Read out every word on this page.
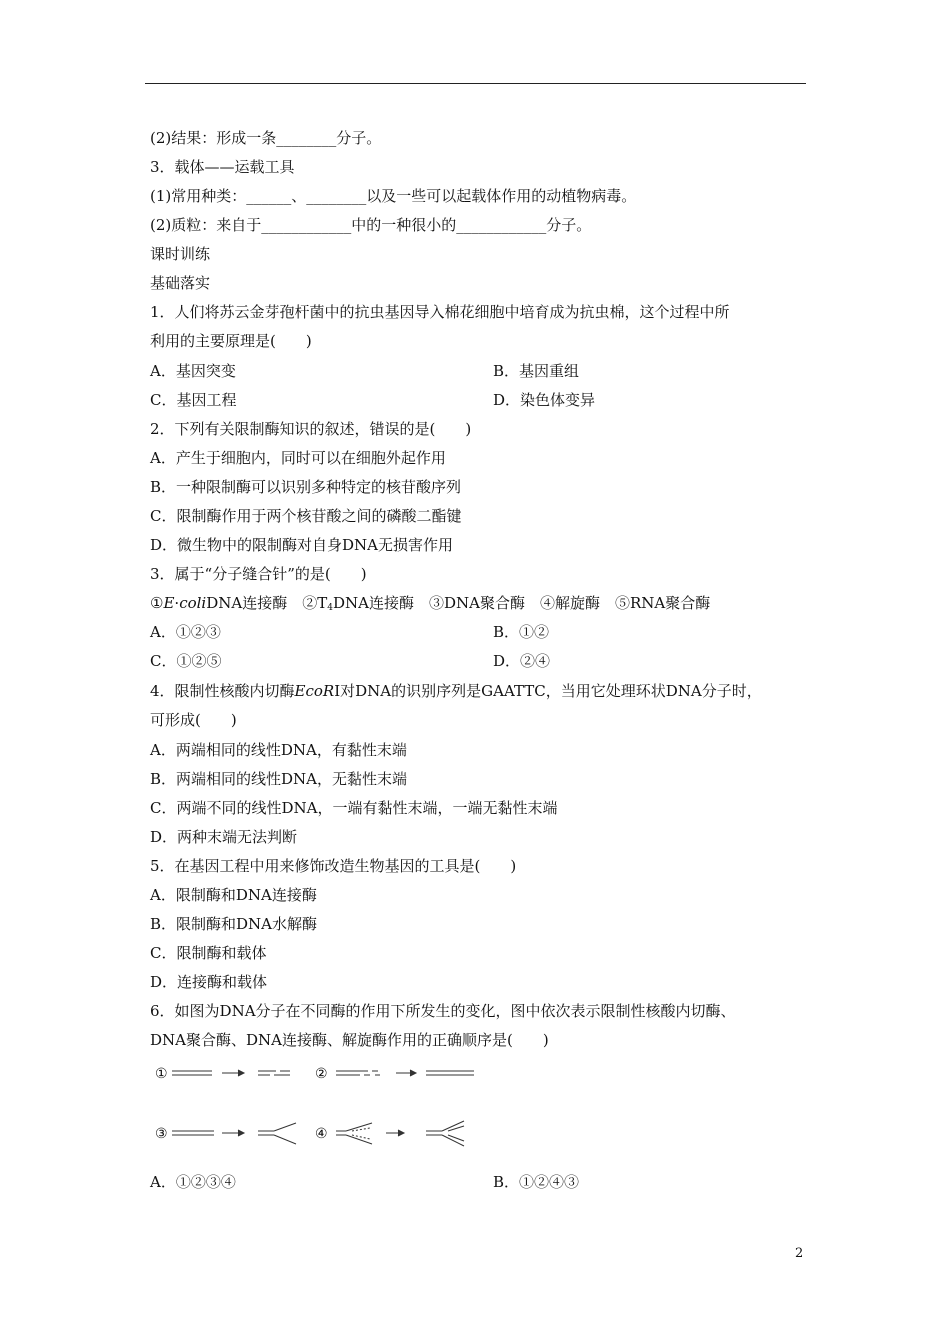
(2)结果：形成一条________分子。
3．载体——运载工具
(1)常用种类：______、________以及一些可以起载体作用的动植物病毒。
(2)质粒：来自于____________中的一种很小的____________分子。
课时训练
基础落实
1．人们将苏云金芽孢杆菌中的抗虫基因导入棉花细胞中培育成为抗虫棉，这个过程中所
利用的主要原理是(　　)
A．基因突变	B．基因重组
C．基因工程	D．染色体变异
2．下列有关限制酶知识的叙述，错误的是(　　)
A．产生于细胞内，同时可以在细胞外起作用
B．一种限制酶可以识别多种特定的核苷酸序列
C．限制酶作用于两个核苷酸之间的磷酸二酯键
D．微生物中的限制酶对自身DNA无损害作用
3．属于“分子缝合针”的是(　　)
①E·coliDNA连接酶　 $②T_4DNA$连接酶　 ③DNA聚合酶　④解旋酶　⑤RNA聚合酶
A．①②③	B．①②
C．①②⑤	D．②④
4．限制性核酸内切酶EcoRⅠ对DNA的识别序列是GAATTC，当用它处理环状DNA分子时，
可形成(　　)
A．两端相同的线性DNA，有黏性末端
B．两端相同的线性DNA，无黏性末端
C．两端不同的线性DNA，一端有黏性末端，一端无黏性末端
D．两种末端无法判断
5．在基因工程中用来修饰改造生物基因的工具是(　　)
A．限制酶和DNA连接酶
B．限制酶和DNA水解酶
C．限制酶和载体
D．连接酶和载体
6．如图为DNA分子在不同酶的作用下所发生的变化，图中依次表示限制性核酸内切酶、
DNA聚合酶、DNA连接酶、解旋酶作用的正确顺序是(　　)
①	②
③	④
A．①②③④	B．①②④③
2
